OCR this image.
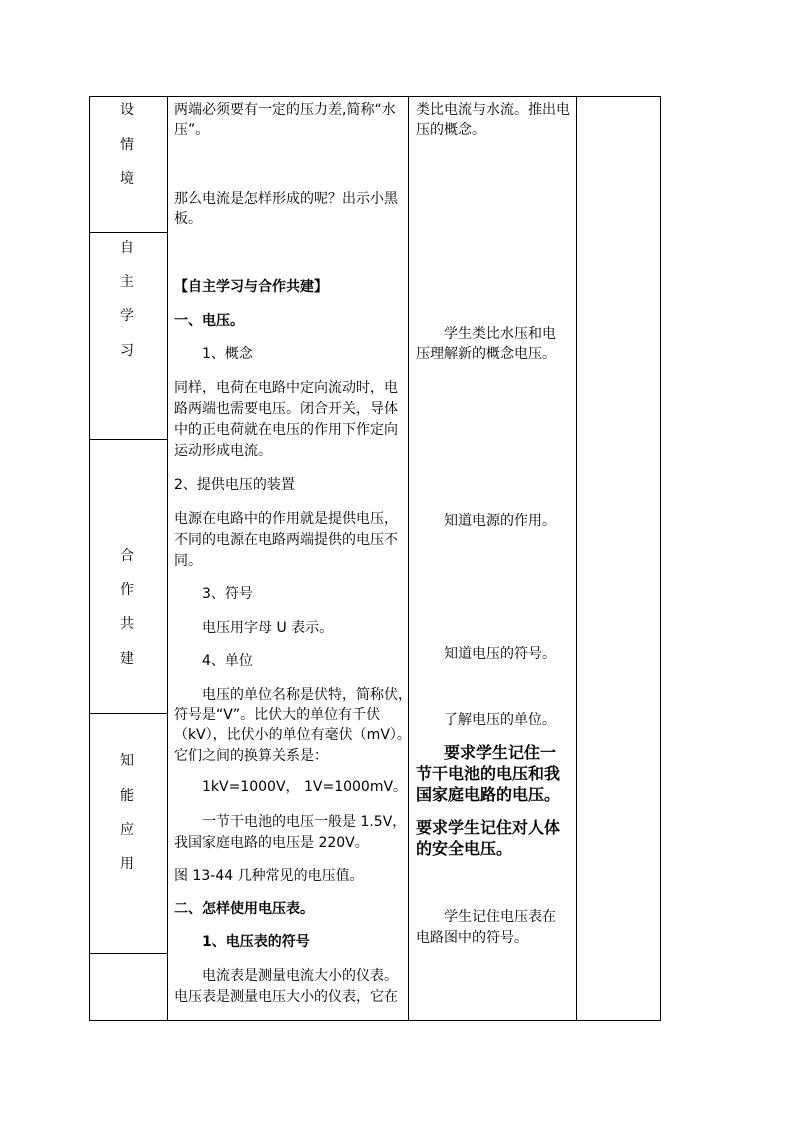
设
情
境
自
主
学
习
合
作
共
建
知
能
应
用
两端必须要有一定的压力差,简称“水
压”。
那么电流是怎样形成的呢？出示小黑
板。
【自主学习与合作共建】
一、电压。
1、概念
同样，电荷在电路中定向流动时，电
路两端也需要电压。闭合开关，导体
中的正电荷就在电压的作用下作定向
运动形成电流。
2、提供电压的装置
电源在电路中的作用就是提供电压，
不同的电源在电路两端提供的电压不
同。
3、符号
电压用字母 U 表示。
4、单位
电压的单位名称是伏特，简称伏，
符号是“V”。比伏大的单位有千伏
（kV），比伏小的单位有毫伏（mV）。
它们之间的换算关系是：
1kV=1000V， 1V=1000mV。
一节干电池的电压一般是 1.5V，
我国家庭电路的电压是 220V。
图 13-44 几种常见的电压值。
二、怎样使用电压表。
1、电压表的符号
电流表是测量电流大小的仪表。
电压表是测量电压大小的仪表，它在
类比电流与水流。推出电
压的概念。
学生类比水压和电
压理解新的概念电压。
知道电源的作用。
知道电压的符号。
了解电压的单位。
要求学生记住一
节干电池的电压和我
国家庭电路的电压。
要求学生记住对人体
的安全电压。
学生记住电压表在
电路图中的符号。
